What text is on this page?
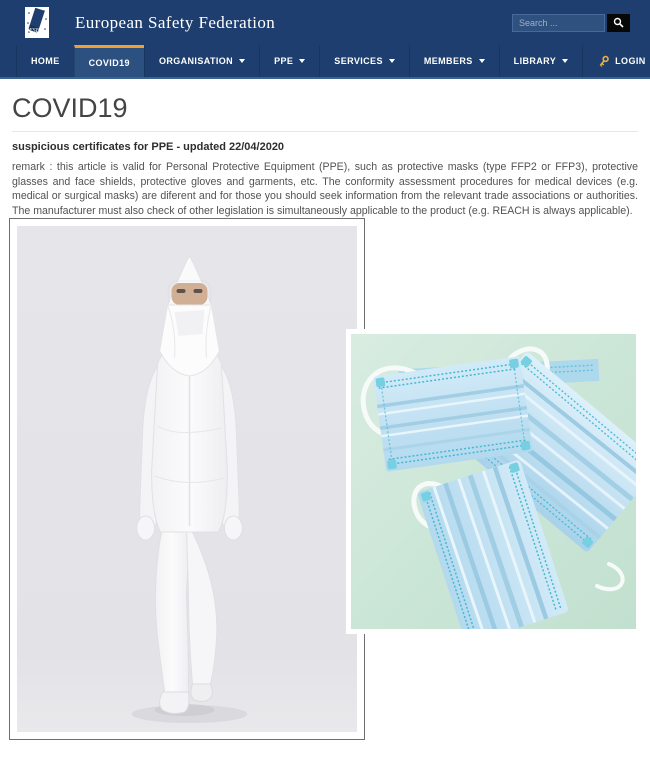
ESF European Safety Federation
Search ...
HOME	COVID19	ORGANISATION	PPE	SERVICES	MEMBERS	LIBRARY	LOGIN
COVID19
suspicious certificates for PPE - updated 22/04/2020

remark : this article is valid for Personal Protective Equipment (PPE), such as protective masks (type FFP2 or FFP3), protective glasses and face shields, protective gloves and garments, etc. The conformity assessment procedures for medical devices (e.g. medical or surgical masks) are diferent and for those you should seek information from the relevant trade associations or authorities. The manufacturer must also check of other legislation is simultaneously applicable to the product (e.g. REACH is always applicable).
